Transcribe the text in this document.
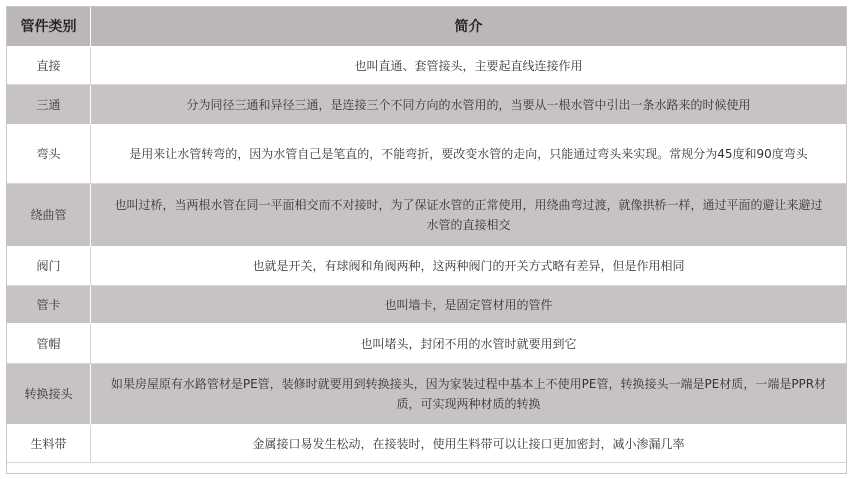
管件类别	简介
直接	也叫直通、套管接头，主要起直线连接作用
三通	分为同径三通和异径三通，是连接三个不同方向的水管用的，当要从一根水管中引出一条水路来的时候使用
弯头	是用来让水管转弯的，因为水管自己是笔直的，不能弯折，要改变水管的走向，只能通过弯头来实现。常规分为45度和90度弯头
绕曲管	也叫过桥，当两根水管在同一平面相交而不对接时，为了保证水管的正常使用，用绕曲弯过渡，就像拱桥一样，通过平面的避让来避过水管的直接相交
阀门	也就是开关，有球阀和角阀两种，这两种阀门的开关方式略有差异，但是作用相同
管卡	也叫墙卡，是固定管材用的管件
管帽	也叫堵头，封闭不用的水管时就要用到它
转换接头	如果房屋原有水路管材是PE管，装修时就要用到转换接头，因为家装过程中基本上不使用PE管，转换接头一端是PE材质，一端是PPR材质，可实现两种材质的转换
生料带	金属接口易发生松动，在接装时，使用生料带可以让接口更加密封，减小渗漏几率
